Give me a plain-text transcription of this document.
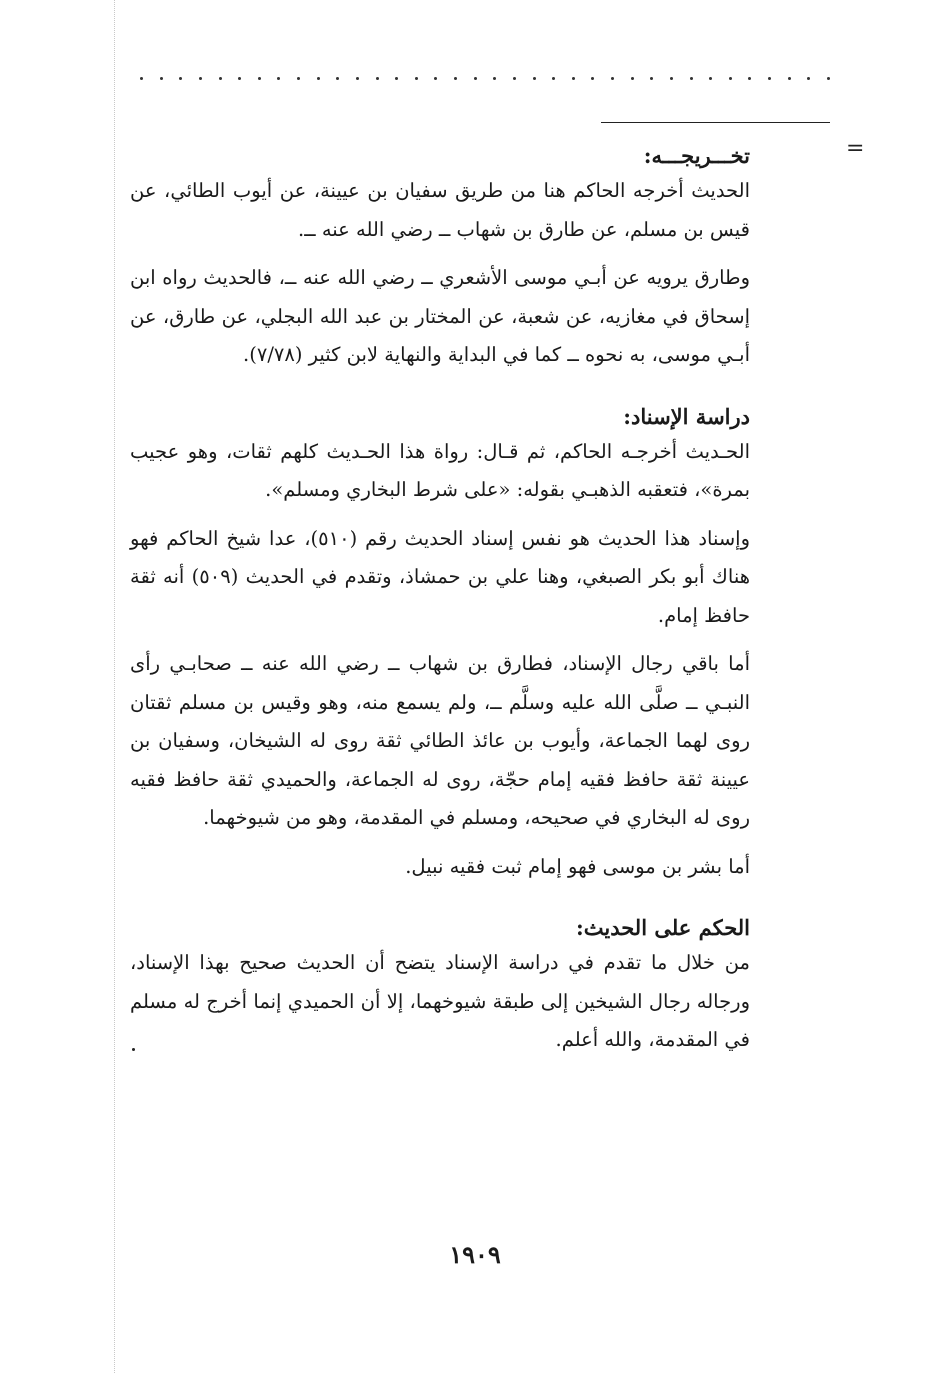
=
تخـــريجـــه:

الحديث أخرجه الحاكم هنا من طريق سفيان بن عيينة، عن أيوب الطائي، عن قيس بن مسلم، عن طارق بن شهاب ــ رضي الله عنه ــ.

وطارق يرويه عن أبـي موسى الأشعري ــ رضي الله عنه ــ، فالحديث رواه ابن إسحاق في مغازيه، عن شعبة، عن المختار بن عبد الله البجلي، عن طارق، عن أبـي موسى، به نحوه ــ كما في البداية والنهاية لابن كثير (٧/٧٨).

دراسة الإسناد:

الحـديث أخرجـه الحاكم، ثم قـال: رواة هذا الحـديث كلهم ثقات، وهو عجيب بمرة»، فتعقبه الذهبـي بقوله: «على شرط البخاري ومسلم».

وإسناد هذا الحديث هو نفس إسناد الحديث رقم (٥١٠)، عدا شيخ الحاكم فهو هناك أبو بكر الصبغي، وهنا علي بن حمشاذ، وتقدم في الحديث (٥٠٩) أنه ثقة حافظ إمام.

أما باقي رجال الإسناد، فطارق بن شهاب ــ رضي الله عنه ــ صحابـي رأى النبـي ــ صلَّى الله عليه وسلَّم ــ، ولم يسمع منه، وهو وقيس بن مسلم ثقتان روى لهما الجماعة، وأيوب بن عائذ الطائي ثقة روى له الشيخان، وسفيان بن عيينة ثقة حافظ فقيه إمام حجّة، روى له الجماعة، والحميدي ثقة حافظ فقيه روى له البخاري في صحيحه، ومسلم في المقدمة، وهو من شيوخهما.

أما بشر بن موسى فهو إمام ثبت فقيه نبيل.

الحكم على الحديث:

من خلال ما تقدم في دراسة الإسناد يتضح أن الحديث صحيح بهذا الإسناد، ورجاله رجال الشيخين إلى طبقة شيوخهما، إلا أن الحميدي إنما أخرج له مسلم في المقدمة، والله أعلم.

١٩٠٩
